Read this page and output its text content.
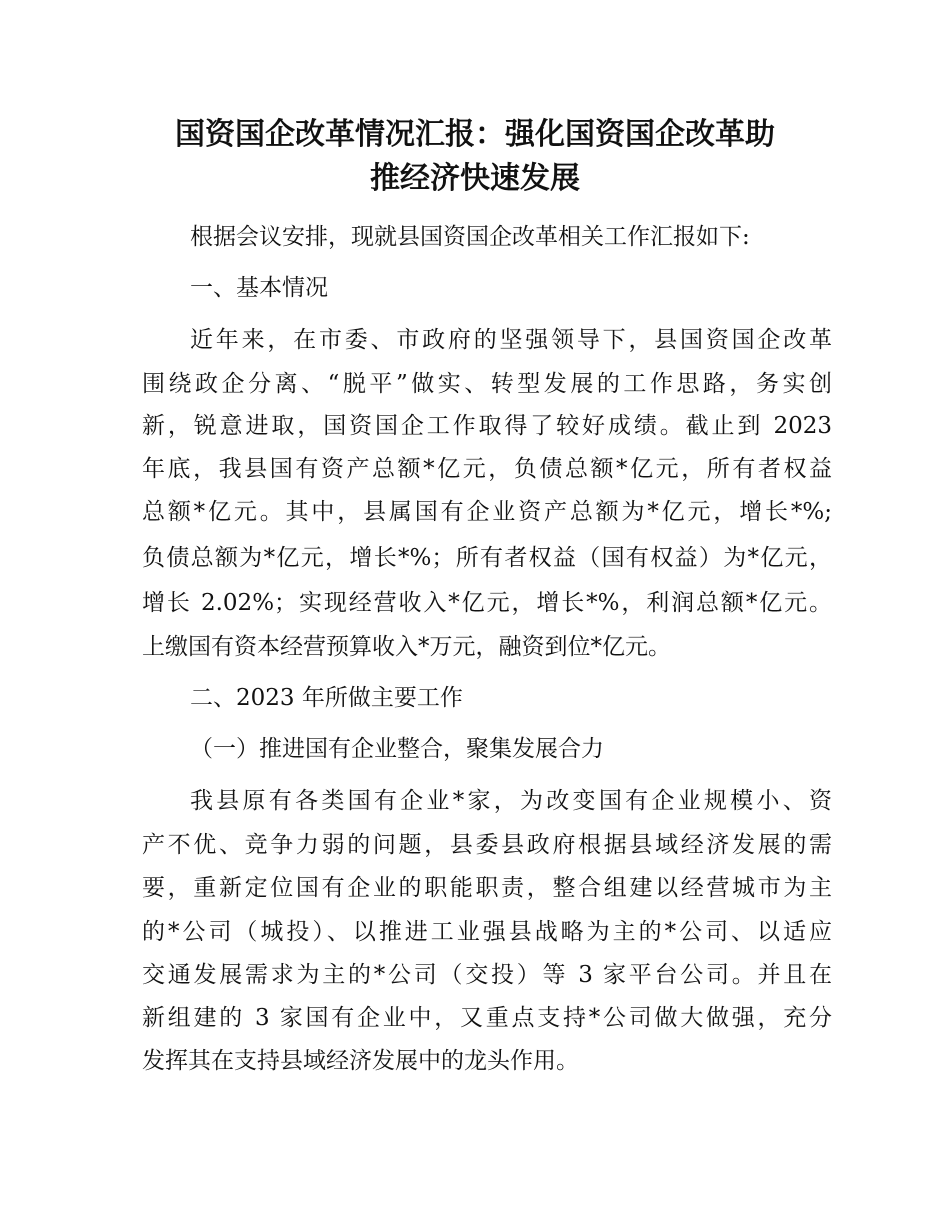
国资国企改革情况汇报：强化国资国企改革助
推经济快速发展

根据会议安排，现就县国资国企改革相关工作汇报如下:

一、基本情况

近年来，在市委、市政府的坚强领导下，县国资国企改革

围绕政企分离、“脱平”做实、转型发展的工作思路，务实创

新，锐意进取，国资国企工作取得了较好成绩。截止到 2023

年底，我县国有资产总额*亿元，负债总额*亿元，所有者权益

总额*亿元。其中，县属国有企业资产总额为*亿元，增长*%;

负债总额为*亿元，增长*%；所有者权益（国有权益）为*亿元，

增长 2.02%；实现经营收入*亿元，增长*%，利润总额*亿元。

上缴国有资本经营预算收入*万元，融资到位*亿元。

二、2023 年所做主要工作

（一）推进国有企业整合，聚集发展合力

我县原有各类国有企业*家，为改变国有企业规模小、资

产不优、竞争力弱的问题，县委县政府根据县域经济发展的需

要，重新定位国有企业的职能职责，整合组建以经营城市为主

的*公司（城投）、以推进工业强县战略为主的*公司、以适应

交通发展需求为主的*公司（交投）等 3 家平台公司。并且在

新组建的 3 家国有企业中，又重点支持*公司做大做强，充分

发挥其在支持县域经济发展中的龙头作用。
